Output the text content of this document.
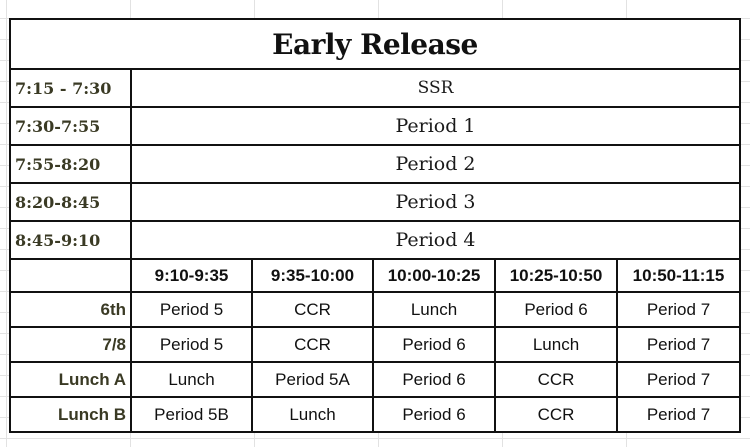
Early Release					
7:15 - 7:30	SSR				
7:30-7:55	Period 1				
7:55-8:20	Period 2				
8:20-8:45	Period 3				
8:45-9:10	Period 4				
	9:10-9:35	9:35-10:00	10:00-10:25	10:25-10:50	10:50-11:15
6th	Period 5	CCR	Lunch	Period 6	Period 7
7/8	Period 5	CCR	Period 6	Lunch	Period 7
Lunch A	Lunch	Period 5A	Period 6	CCR	Period 7
Lunch B	Period 5B	Lunch	Period 6	CCR	Period 7
